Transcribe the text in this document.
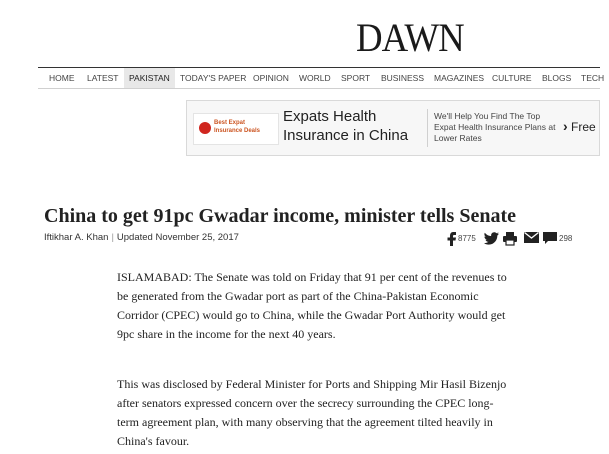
DAWN
HOME	LATEST	PAKISTAN	TODAY'S PAPER OPINION	WORLD	SPORT	BUSINESS	MAGAZINES CULTURE	BLOGS	TECH
Best Expat
Insurance Deals
Expats Health Insurance in China
We'll Help You Find The Top Expat Health Insurance Plans at Lower Rates
› Free
China to get 91pc Gwadar income, minister tells Senate
Iftikhar A. Khan | Updated November 25, 2017	8775	298

ISLAMABAD: The Senate was told on Friday that 91 per cent of the revenues to be generated from the Gwadar port as part of the China-Pakistan Economic Corridor (CPEC) would go to China, while the Gwadar Port Authority would get 9pc share in the income for the next 40 years.

This was disclosed by Federal Minister for Ports and Shipping Mir Hasil Bizenjo after senators expressed concern over the secrecy surrounding the CPEC long-term agreement plan, with many observing that the agreement tilted heavily in China's favour.
